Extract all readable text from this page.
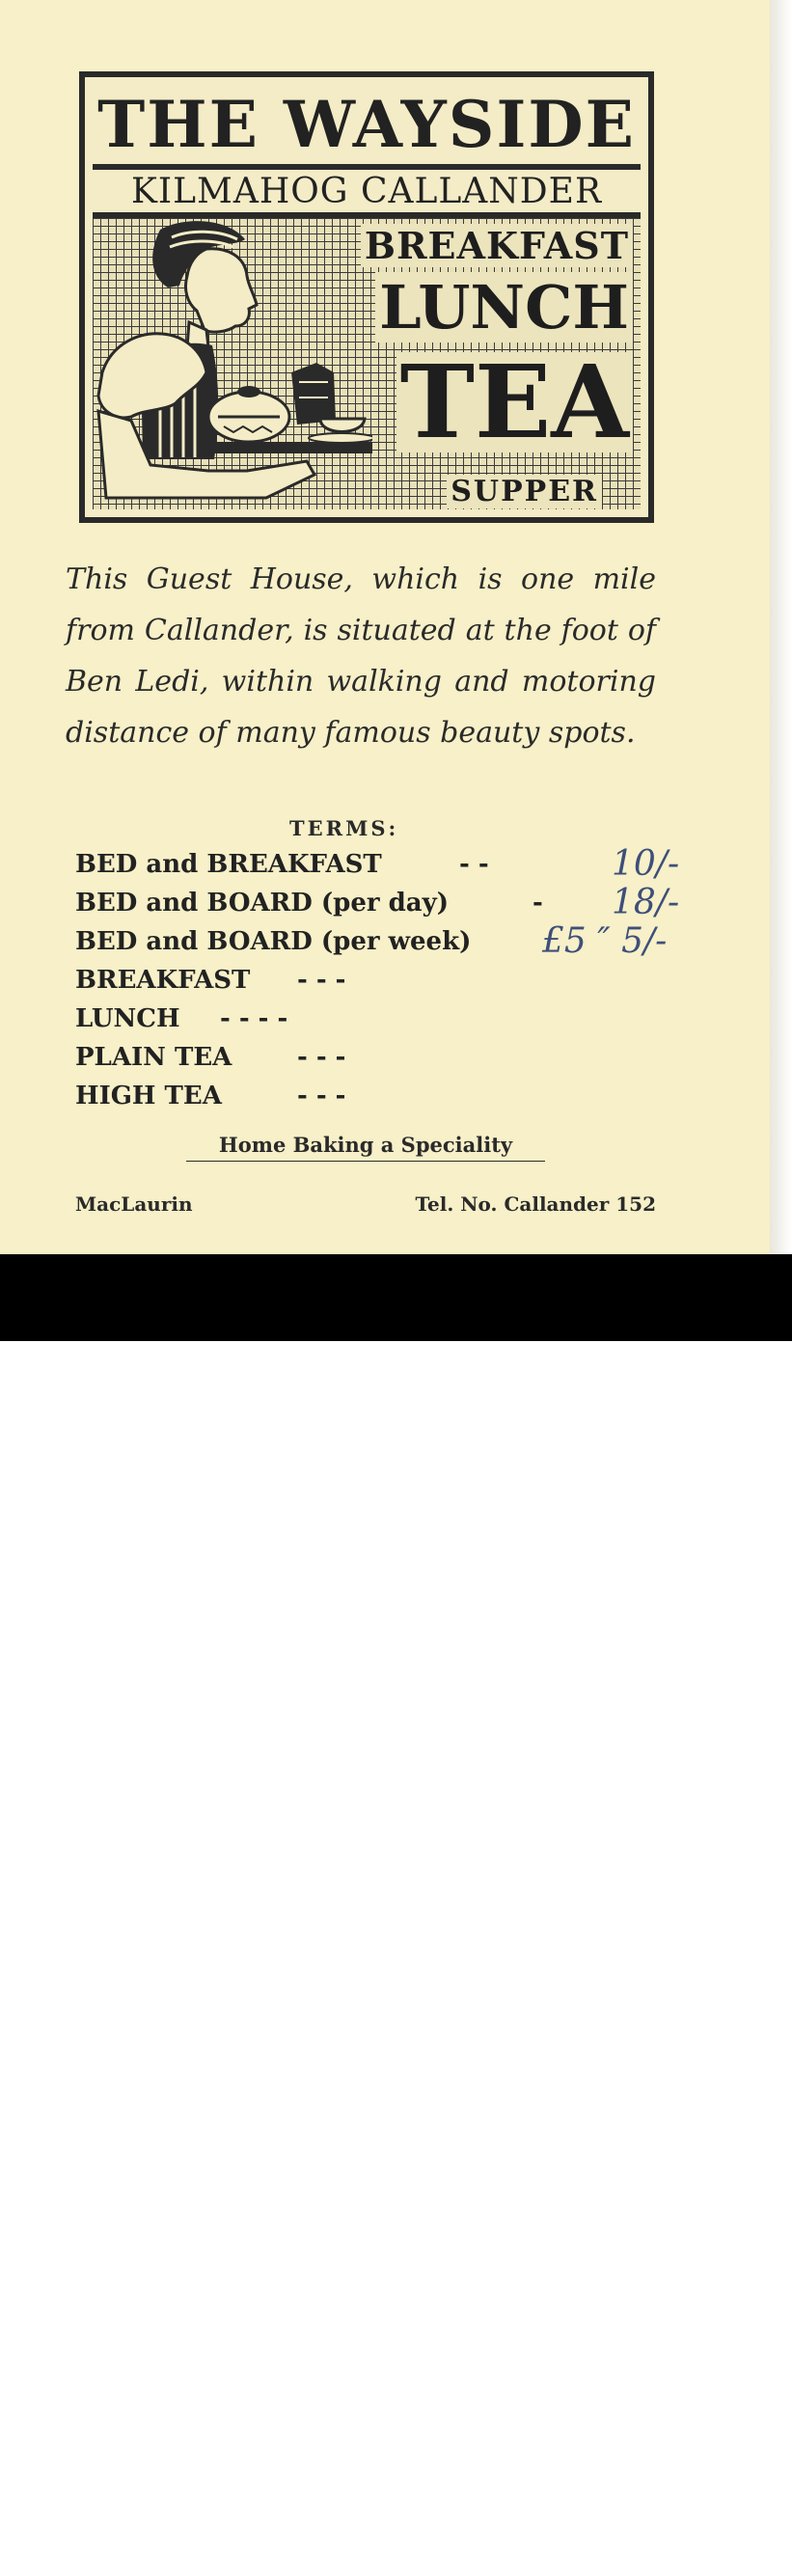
THE WAYSIDE
KILMAHOG CALLANDER
BREAKFAST
LUNCH
TEA
SUPPER
This Guest House, which is one mile from Callander, is situated at the foot of Ben Ledi, within walking and motoring distance of many famous beauty spots.
TERMS:
BED and BREAKFAST	- -	10/-
BED and BOARD (per day)	- 18/-
BED and BOARD (per week) £5 ″ 5/-
BREAKFAST - - -
LUNCH - - - -
PLAIN TEA	- - -
HIGH TEA	- - -
Home Baking a Speciality
MacLaurin	Tel. No. Callander 152
alamy	AMAG8Y
